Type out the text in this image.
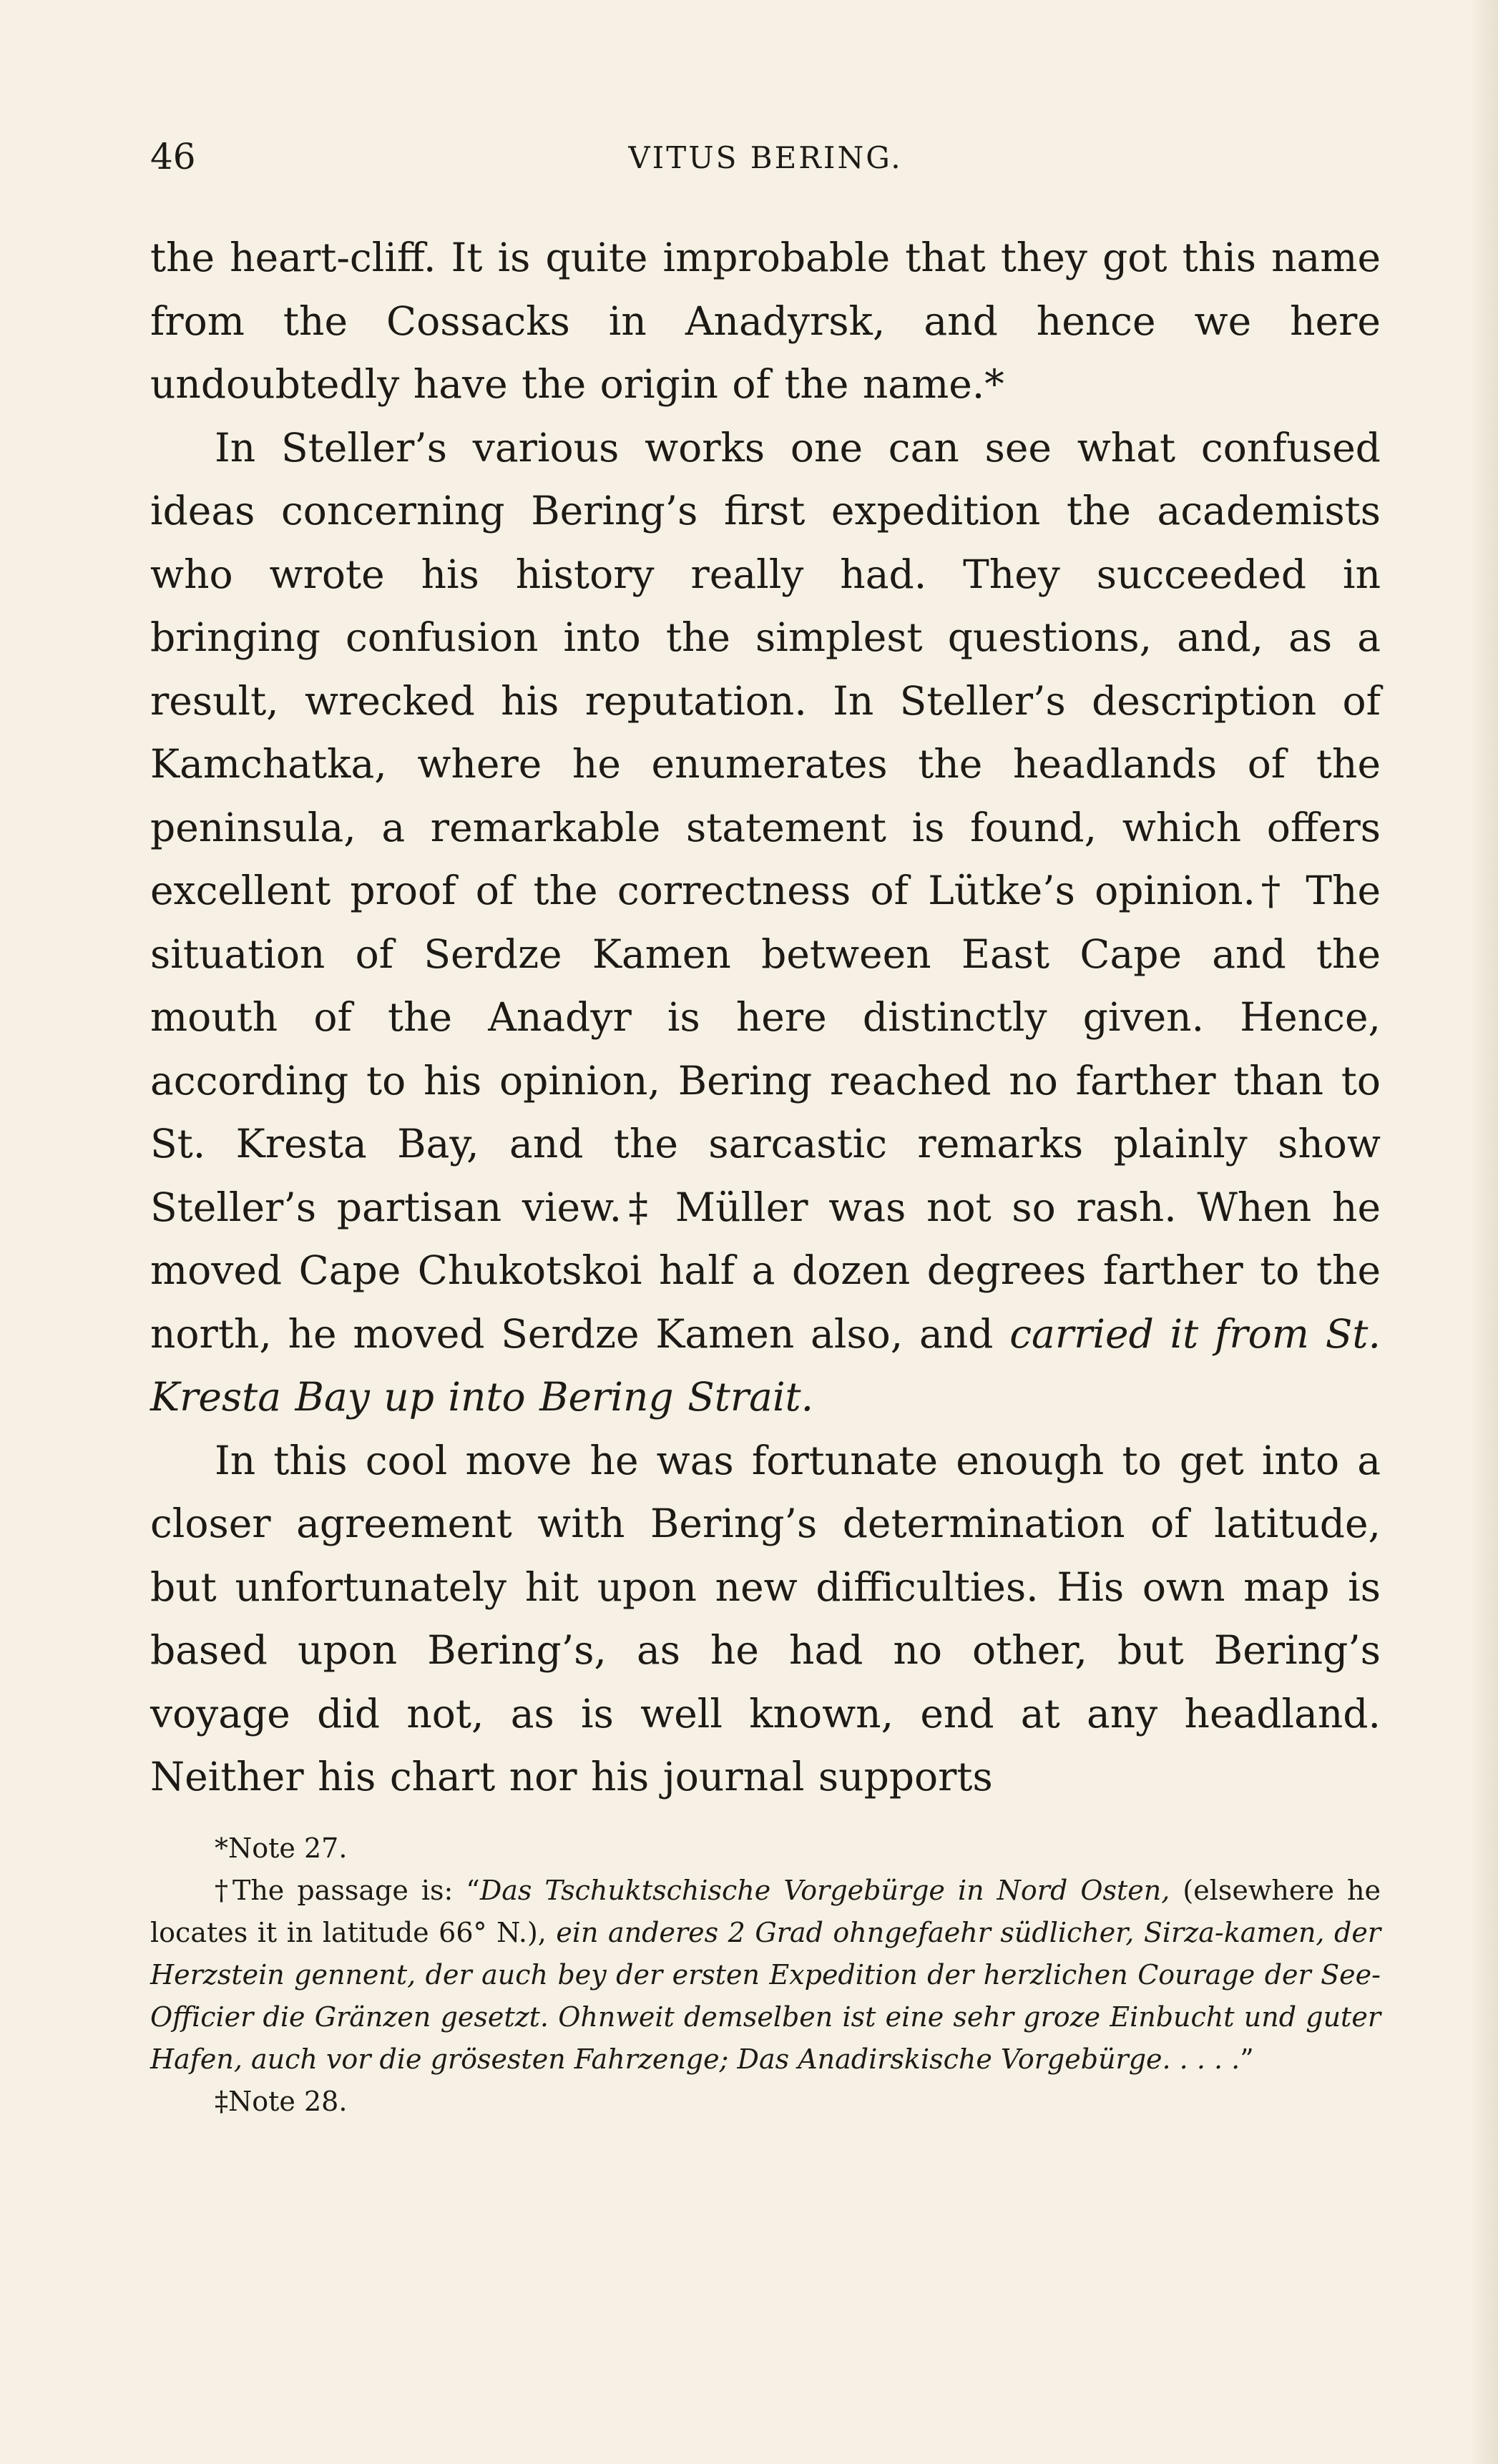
46	VITUS BERING.

the heart-cliff. It is quite improbable that they got this name from the Cossacks in Anadyrsk, and hence we here undoubtedly have the origin of the name.*

In Steller’s various works one can see what confused ideas concerning Bering’s first expedition the academists who wrote his history really had. They succeeded in bringing confusion into the simplest questions, and, as a result, wrecked his reputation. In Steller’s description of Kamchatka, where he enumerates the headlands of the peninsula, a remarkable statement is found, which offers excellent proof of the correctness of Lütke’s opinion.† The situation of Serdze Kamen between East Cape and the mouth of the Anadyr is here distinctly given. Hence, according to his opinion, Bering reached no farther than to St. Kresta Bay, and the sarcastic remarks plainly show Steller’s partisan view.‡ Müller was not so rash. When he moved Cape Chukotskoi half a dozen degrees farther to the north, he moved Serdze Kamen also, and carried it from St. Kresta Bay up into Bering Strait.

In this cool move he was fortunate enough to get into a closer agreement with Bering’s determination of latitude, but unfortunately hit upon new difficulties. His own map is based upon Bering’s, as he had no other, but Bering’s voyage did not, as is well known, end at any headland. Neither his chart nor his journal supports

*Note 27.

†The passage is: “Das Tschuktschische Vorgebürge in Nord Osten, (elsewhere he locates it in latitude 66° N.), ein anderes 2 Grad ohngefaehr südlicher, Sirza-kamen, der Herzstein gennent, der auch bey der ersten Expedition der herzlichen Courage der See-Officier die Gränzen gesetzt. Ohnweit demselben ist eine sehr groze Einbucht und guter Hafen, auch vor die grösesten Fahrzenge; Das Anadirskische Vorgebürge. . . . .”

‡Note 28.
